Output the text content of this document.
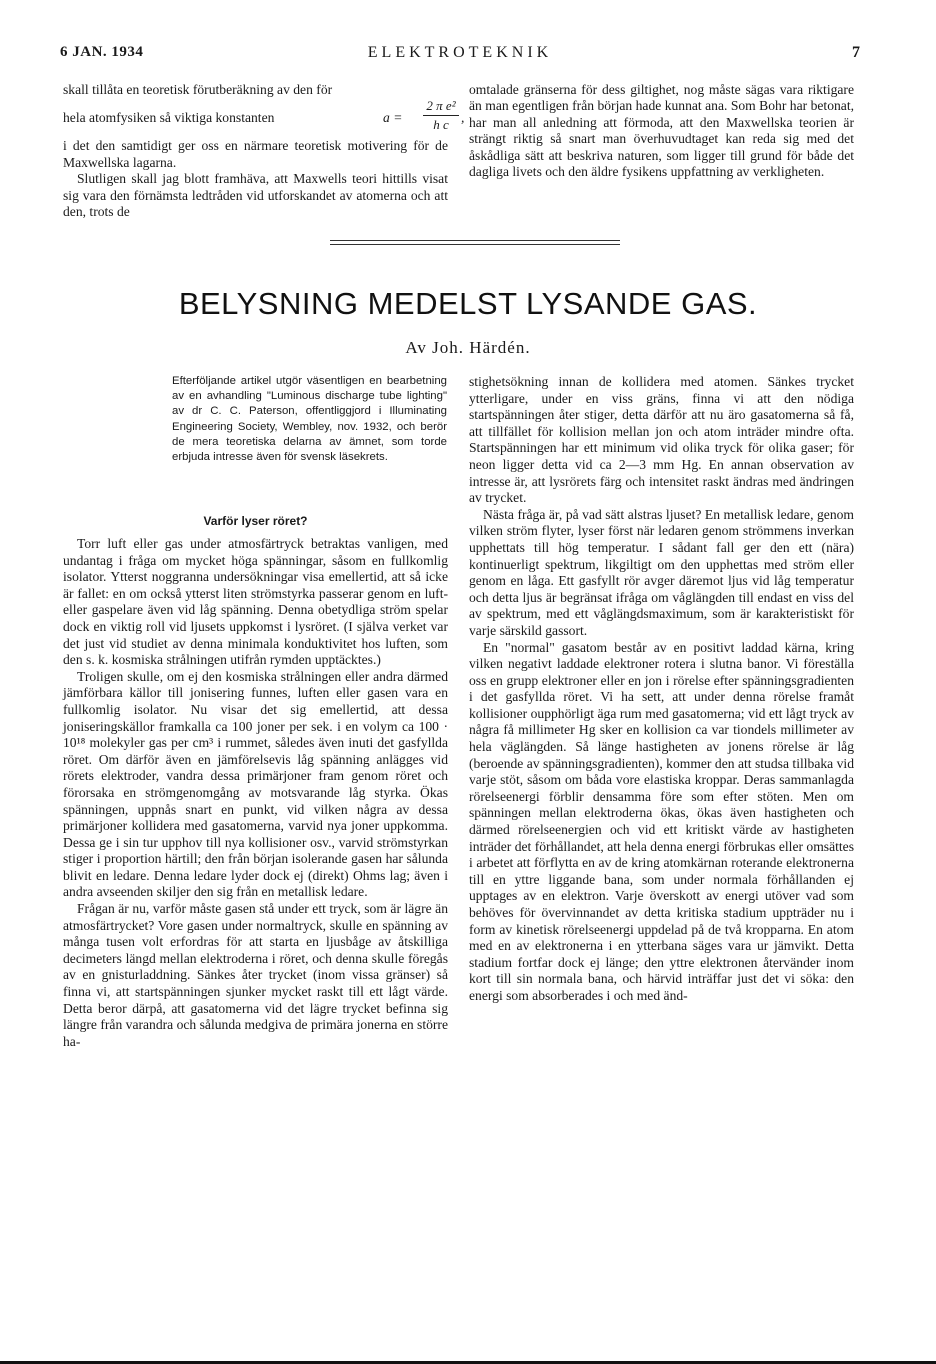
6 JAN. 1934	ELEKTROTEKNIK	7

skall tillåta en teoretisk förutberäkning av den för

hela atomfysiken så viktiga konstanten	a =
2 π e²
h c ,

i det den samtidigt ger oss en närmare teoretisk motivering för de Maxwellska lagarna.

Slutligen skall jag blott framhäva, att Maxwells teori hittills visat sig vara den förnämsta ledtråden vid utforskandet av atomerna och att den, trots de

omtalade gränserna för dess giltighet, nog måste sägas vara riktigare än man egentligen från början hade kunnat ana. Som Bohr har betonat, har man all anledning att förmoda, att den Maxwellska teorien är strängt riktig så snart man överhuvudtaget kan reda sig med det åskådliga sätt att beskriva naturen, som ligger till grund för både det dagliga livets och den äldre fysikens uppfattning av verkligheten.

BELYSNING MEDELST LYSANDE GAS.
Av Joh. Härdén.
Efterföljande artikel utgör väsentligen en bearbetning av en avhandling "Luminous discharge tube lighting" av dr C. C. Paterson, offentliggjord i Illuminating Engineering Society, Wembley, nov. 1932, och berör de mera teoretiska delarna av ämnet, som torde erbjuda intresse även för svensk läsekrets.
Varför lyser röret?

Torr luft eller gas under atmosfärtryck betraktas vanligen, med undantag i fråga om mycket höga spänningar, såsom en fullkomlig isolator. Ytterst noggranna undersökningar visa emellertid, att så icke är fallet: en om också ytterst liten strömstyrka passerar genom en luft- eller gaspelare även vid låg spänning. Denna obetydliga ström spelar dock en viktig roll vid ljusets uppkomst i lysröret. (I själva verket var det just vid studiet av denna minimala konduktivitet hos luften, som den s. k. kosmiska strålningen utifrån rymden upptäcktes.)

Troligen skulle, om ej den kosmiska strålningen eller andra därmed jämförbara källor till jonisering funnes, luften eller gasen vara en fullkomlig isolator. Nu visar det sig emellertid, att dessa joniseringskällor framkalla ca 100 joner per sek. i en volym ca 100 · 10¹⁸ molekyler gas per cm³ i rummet, således även inuti det gasfyllda röret. Om därför även en jämförelsevis låg spänning anlägges vid rörets elektroder, vandra dessa primärjoner fram genom röret och förorsaka en strömgenomgång av motsvarande låg styrka. Ökas spänningen, uppnås snart en punkt, vid vilken några av dessa primärjoner kollidera med gasatomerna, varvid nya joner uppkomma. Dessa ge i sin tur upphov till nya kollisioner osv., varvid strömstyrkan stiger i proportion härtill; den från början isolerande gasen har sålunda blivit en ledare. Denna ledare lyder dock ej (direkt) Ohms lag; även i andra avseenden skiljer den sig från en metallisk ledare.

Frågan är nu, varför måste gasen stå under ett tryck, som är lägre än atmosfärtrycket? Vore gasen under normaltryck, skulle en spänning av många tusen volt erfordras för att starta en ljusbåge av åtskilliga decimeters längd mellan elektroderna i röret, och denna skulle föregås av en gnisturladdning. Sänkes åter trycket (inom vissa gränser) så finna vi, att startspänningen sjunker mycket raskt till ett lågt värde. Detta beror därpå, att gasatomerna vid det lägre trycket befinna sig längre från varandra och sålunda medgiva de primära jonerna en större ha-

stighetsökning innan de kollidera med atomen. Sänkes trycket ytterligare, under en viss gräns, finna vi att den nödiga startspänningen åter stiger, detta därför att nu äro gasatomerna så få, att tillfället för kollision mellan jon och atom inträder mindre ofta. Startspänningen har ett minimum vid olika tryck för olika gaser; för neon ligger detta vid ca 2—3 mm Hg. En annan observation av intresse är, att lysrörets färg och intensitet raskt ändras med ändringen av trycket.

Nästa fråga är, på vad sätt alstras ljuset? En metallisk ledare, genom vilken ström flyter, lyser först när ledaren genom strömmens inverkan upphettats till hög temperatur. I sådant fall ger den ett (nära) kontinuerligt spektrum, likgiltigt om den upphettas med ström eller genom en låga. Ett gasfyllt rör avger däremot ljus vid låg temperatur och detta ljus är begränsat ifråga om våglängden till endast en viss del av spektrum, med ett våglängdsmaximum, som är karakteristiskt för varje särskild gassort.

En "normal" gasatom består av en positivt laddad kärna, kring vilken negativt laddade elektroner rotera i slutna banor. Vi föreställa oss en grupp elektroner eller en jon i rörelse efter spänningsgradienten i det gasfyllda röret. Vi ha sett, att under denna rörelse framåt kollisioner oupphörligt äga rum med gasatomerna; vid ett lågt tryck av några få millimeter Hg sker en kollision ca var tiondels millimeter av hela väglängden. Så länge hastigheten av jonens rörelse är låg (beroende av spänningsgradienten), kommer den att studsa tillbaka vid varje stöt, såsom om båda vore elastiska kroppar. Deras sammanlagda rörelseenergi förblir densamma före som efter stöten. Men om spänningen mellan elektroderna ökas, ökas även hastigheten och därmed rörelseenergien och vid ett kritiskt värde av hastigheten inträder det förhållandet, att hela denna energi förbrukas eller omsättes i arbetet att förflytta en av de kring atomkärnan roterande elektronerna till en yttre liggande bana, som under normala förhållanden ej upptages av en elektron. Varje överskott av energi utöver vad som behöves för övervinnandet av detta kritiska stadium uppträder nu i form av kinetisk rörelseenergi uppdelad på de två kropparna. En atom med en av elektronerna i en ytterbana säges vara ur jämvikt. Detta stadium fortfar dock ej länge; den yttre elektronen återvänder inom kort till sin normala bana, och härvid inträffar just det vi söka: den energi som absorberades i och med änd-
